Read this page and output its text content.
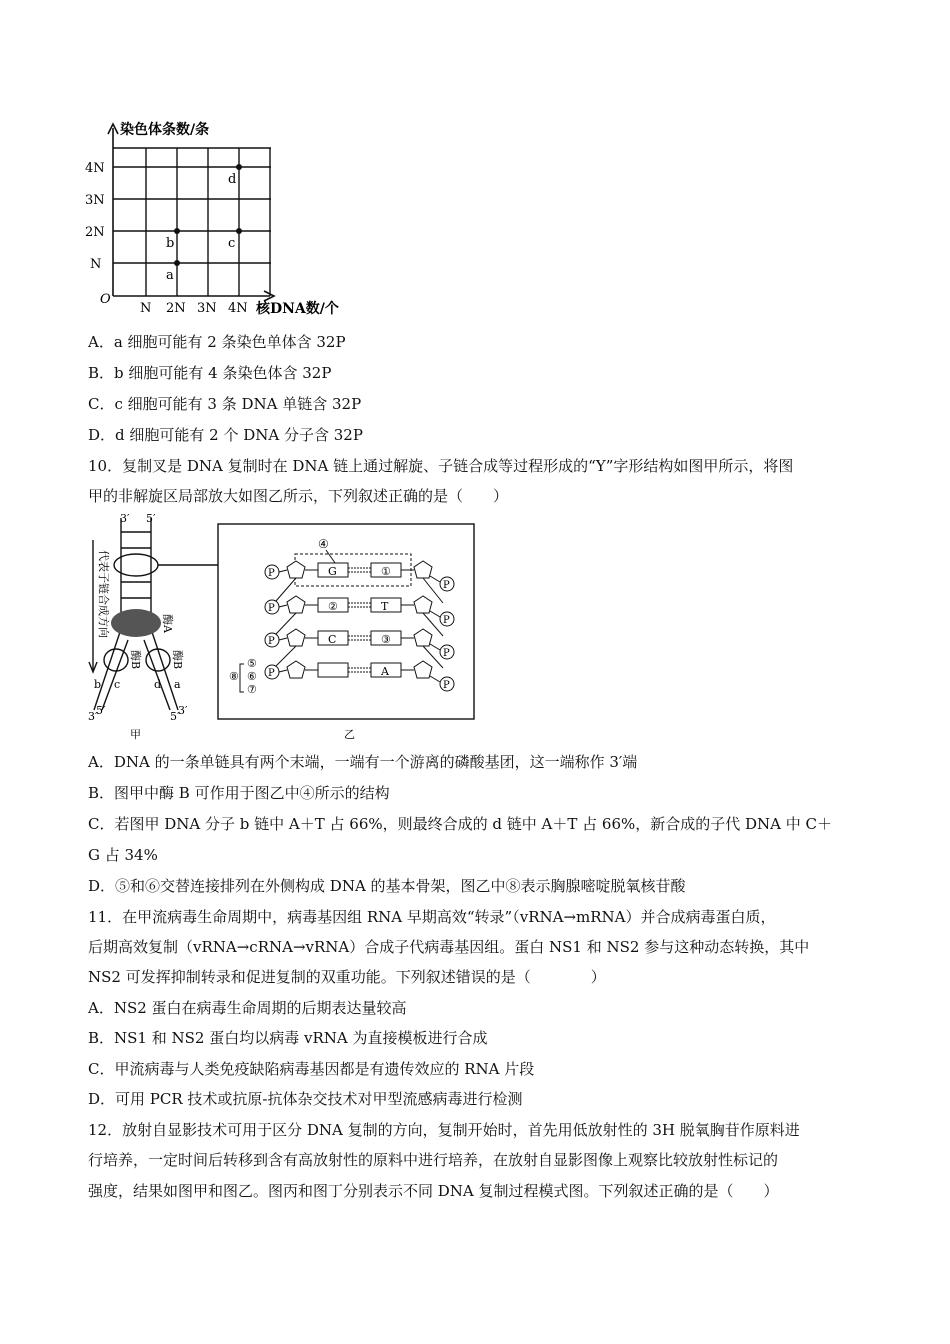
染色体条数/条
核DNA数/个
O
N 2N 3N 4N
N
2N
3N
4N
a
b	c
d
A．a 细胞可能有 2 条染色单体含 32P
B．b 细胞可能有 4 条染色体含 32P
C．c 细胞可能有 3 条 DNA 单链含 32P
D．d 细胞可能有 2 个 DNA 分子含 32P
10．复制叉是 DNA 复制时在 DNA 链上通过解旋、子链合成等过程形成的“Y”字形结构如图甲所示，将图
甲的非解旋区局部放大如图乙所示，下列叙述正确的是（　　）
3′ 5′
代表子链合成方向	酶A
酶B	酶B
b c	d a
3′
5′	3′
5′
甲	乙
④
P	G	①
P
P	②	T
P
P	C	③
P
P	A
P
⑤
⑥
⑦
⑧
A．DNA 的一条单链具有两个末端，一端有一个游离的磷酸基团，这一端称作 3′端
B．图甲中酶 B 可作用于图乙中④所示的结构
C．若图甲 DNA 分子 b 链中 A＋T 占 66%，则最终合成的 d 链中 A＋T 占 66%，新合成的子代 DNA 中 C＋
G 占 34%
D．⑤和⑥交替连接排列在外侧构成 DNA 的基本骨架，图乙中⑧表示胸腺嘧啶脱氧核苷酸
11．在甲流病毒生命周期中，病毒基因组 RNA 早期高效“转录”（vRNA→mRNA）并合成病毒蛋白质，
后期高效复制（vRNA→cRNA→vRNA）合成子代病毒基因组。蛋白 NS1 和 NS2 参与这种动态转换，其中
NS2 可发挥抑制转录和促进复制的双重功能。下列叙述错误的是（　　　　）
A．NS2 蛋白在病毒生命周期的后期表达量较高
B．NS1 和 NS2 蛋白均以病毒 vRNA 为直接模板进行合成
C．甲流病毒与人类免疫缺陷病毒基因都是有遗传效应的 RNA 片段
D．可用 PCR 技术或抗原-抗体杂交技术对甲型流感病毒进行检测
12．放射自显影技术可用于区分 DNA 复制的方向，复制开始时，首先用低放射性的 3H 脱氧胸苷作原料进
行培养，一定时间后转移到含有高放射性的原料中进行培养，在放射自显影图像上观察比较放射性标记的
强度，结果如图甲和图乙。图丙和图丁分别表示不同 DNA 复制过程模式图。下列叙述正确的是（　　）
